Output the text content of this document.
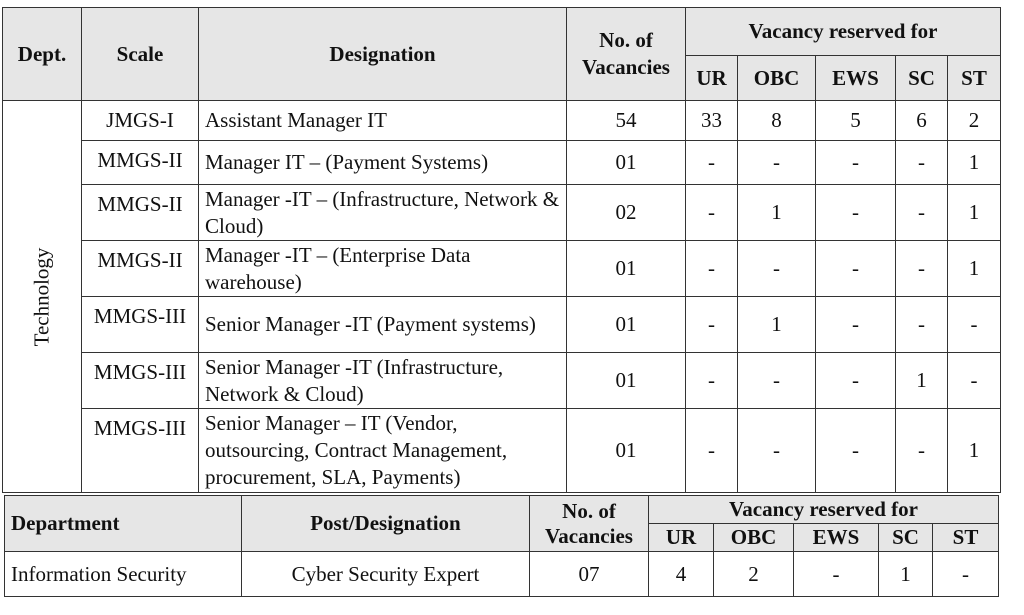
Dept.	Scale	Designation	No. of Vacancies	Vacancy reserved for				
				UR	OBC	EWS	SC	ST

Technology	JMGS-I	Assistant Manager IT	54	33	8	5	6	2
	MMGS-II	Manager IT – (Payment Systems)	01	-	-	-	-	1
	MMGS-II	Manager -IT – (Infrastructure, Network & Cloud)	02	-	1	-	-	1
	MMGS-II	Manager -IT – (Enterprise Data warehouse)	01	-	-	-	-	1
	MMGS-III	Senior Manager -IT (Payment systems)	01	-	1	-	-	-
	MMGS-III	Senior Manager -IT (Infrastructure, Network & Cloud)	01	-	-	-	1	-
	MMGS-III	Senior Manager – IT (Vendor, outsourcing, Contract Management, procurement, SLA, Payments)	01	-	-	-	-	1
Department	Post/Designation	No. of Vacancies	Vacancy reserved for				
			UR	OBC	EWS	SC	ST
Information Security	Cyber Security Expert	07	4	2	-	1	-
